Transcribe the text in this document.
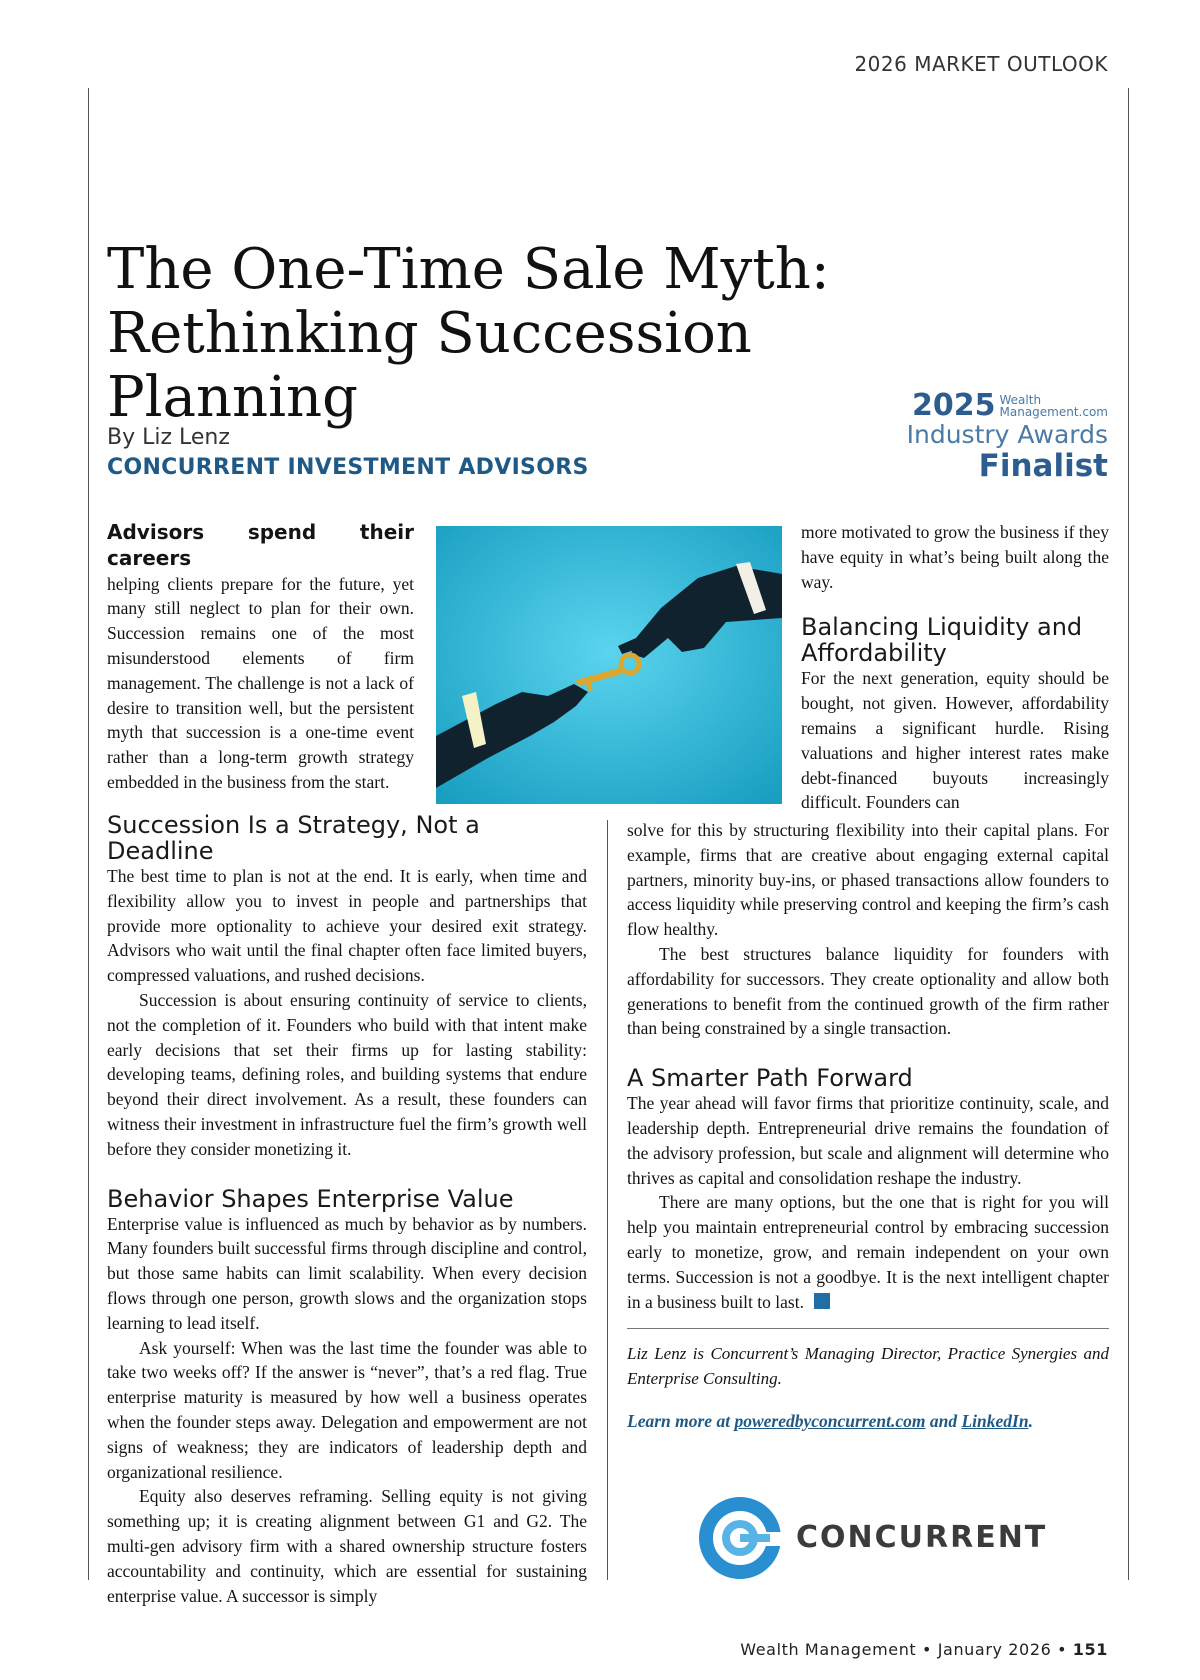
2026 MARKET OUTLOOK
The One-Time Sale Myth:
Rethinking Succession Planning
By Liz Lenz
CONCURRENT INVESTMENT ADVISORS
2025 Wealth
Management.com
Industry Awards
Finalist

Advisors spend their careers
helping clients prepare for the future, yet many still neglect to plan for their own. Succession remains one of the most misunderstood elements of firm management. The challenge is not a lack of desire to transition well, but the persistent myth that succession is a one-time event rather than a long-term growth strategy embedded in the business from the start.

Succession Is a Strategy, Not a Deadline

The best time to plan is not at the end. It is early, when time and flexibility allow you to invest in people and partnerships that provide more optionality to achieve your desired exit strategy. Advisors who wait until the final chapter often face limited buyers, compressed valuations, and rushed decisions.

Succession is about ensuring continuity of service to clients, not the completion of it. Founders who build with that intent make early decisions that set their firms up for lasting stability: developing teams, defining roles, and building systems that endure beyond their direct involvement. As a result, these founders can witness their investment in infrastructure fuel the firm’s growth well before they consider monetizing it.

Behavior Shapes Enterprise Value

Enterprise value is influenced as much by behavior as by numbers. Many founders built successful firms through discipline and control, but those same habits can limit scalability. When every decision flows through one person, growth slows and the organization stops learning to lead itself.

Ask yourself: When was the last time the founder was able to take two weeks off? If the answer is “never”, that’s a red flag. True enterprise maturity is measured by how well a business operates when the founder steps away. Delegation and empowerment are not signs of weakness; they are indicators of leadership depth and organizational resilience.

Equity also deserves reframing. Selling equity is not giving something up; it is creating alignment between G1 and G2. The multi-gen advisory firm with a shared ownership structure fosters accountability and continuity, which are essential for sustaining enterprise value. A successor is simply

more motivated to grow the business if they have equity in what’s being built along the way.

Balancing Liquidity and Affordability

For the next generation, equity should be bought, not given. However, affordability remains a significant hurdle. Rising valuations and higher interest rates make debt-financed buyouts increasingly difficult. Founders can

solve for this by structuring flexibility into their capital plans. For example, firms that are creative about engaging external capital partners, minority buy-ins, or phased transactions allow founders to access liquidity while preserving control and keeping the firm’s cash flow healthy.

The best structures balance liquidity for founders with affordability for successors. They create optionality and allow both generations to benefit from the continued growth of the firm rather than being constrained by a single transaction.

A Smarter Path Forward

The year ahead will favor firms that prioritize continuity, scale, and leadership depth. Entrepreneurial drive remains the foundation of the advisory profession, but scale and alignment will determine who thrives as capital and consolidation reshape the industry.

There are many options, but the one that is right for you will help you maintain entrepreneurial control by embracing succession early to monetize, grow, and remain independent on your own terms. Succession is not a goodbye. It is the next intelligent chapter in a business built to last.

Liz Lenz is Concurrent’s Managing Director, Practice Synergies and Enterprise Consulting.

Learn more at poweredbyconcurrent.com and LinkedIn.

CONCURRENT
Wealth Management • January 2026 • 151
